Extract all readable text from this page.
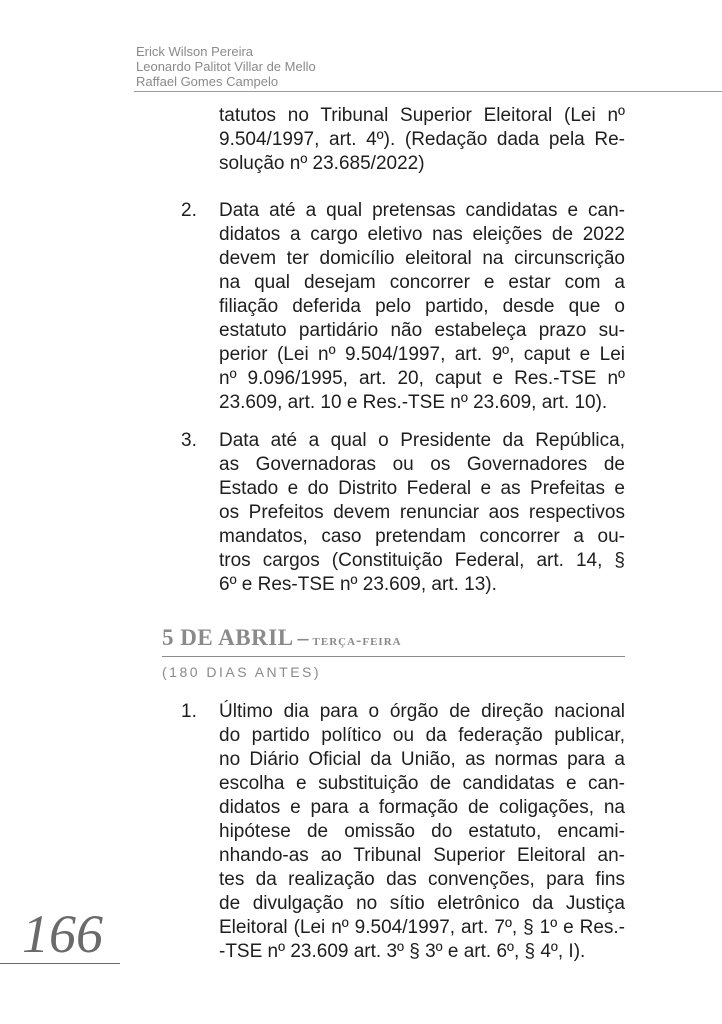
Erick Wilson Pereira
Leonardo Palitot Villar de Mello
Raffael Gomes Campelo
tatutos no Tribunal Superior Eleitoral (Lei nº
9.504/1997, art. 4º). (Redação dada pela Re-
solução nº 23.685/2022)
2.	Data até a qual pretensas candidatas e can-
didatos a cargo eletivo nas eleições de 2022
devem ter domicílio eleitoral na circunscrição
na qual desejam concorrer e estar com a
filiação deferida pelo partido, desde que o
estatuto partidário não estabeleça prazo su-
perior (Lei nº 9.504/1997, art. 9º, caput e Lei
nº 9.096/1995, art. 20, caput e Res.-TSE nº
23.609, art. 10 e Res.-TSE nº 23.609, art. 10).
3.	Data até a qual o Presidente da República,
as Governadoras ou os Governadores de
Estado e do Distrito Federal e as Prefeitas e
os Prefeitos devem renunciar aos respectivos
mandatos, caso pretendam concorrer a ou-
tros cargos (Constituição Federal, art. 14, §
6º e Res-TSE nº 23.609, art. 13).
5 DE ABRIL – terça-feira
(180 DIAS ANTES)
1.	Último dia para o órgão de direção nacional
do partido político ou da federação publicar,
no Diário Oficial da União, as normas para a
escolha e substituição de candidatas e can-
didatos e para a formação de coligações, na
hipótese de omissão do estatuto, encami-
nhando-as ao Tribunal Superior Eleitoral an-
tes da realização das convenções, para fins
de divulgação no sítio eletrônico da Justiça
Eleitoral (Lei nº 9.504/1997, art. 7º, § 1º e Res.-
-TSE nº 23.609 art. 3º § 3º e art. 6º, § 4º, I).
166
